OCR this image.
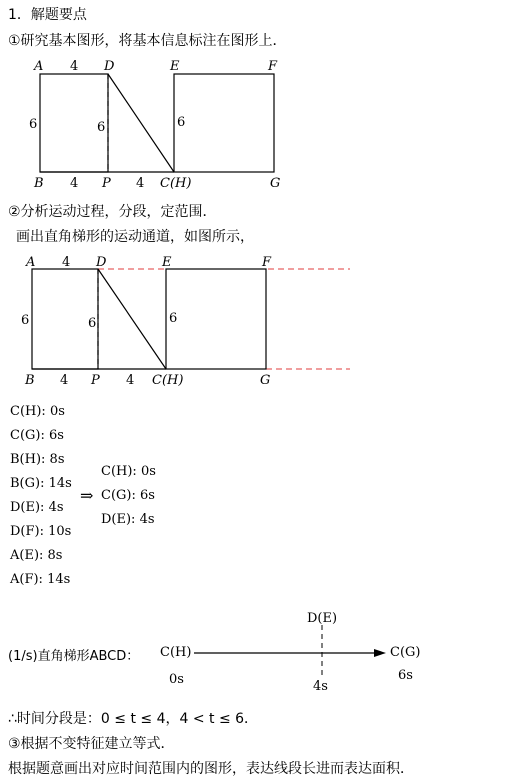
1．解题要点
①研究基本图形，将基本信息标注在图形上．
A 4 D	E	F
6	6	6
B 4 P 4 C(H)	G
②分析运动过程，分段，定范围．
画出直角梯形的运动通道，如图所示，
A 4 D	E	F
6	6	6
B 4 P 4 C(H)	G
C(H): 0s
C(G): 6s
B(H): 8s
B(G): 14s
D(E): 4s
D(F): 10s
A(E): 8s
A(F): 14s
⇒
C(H): 0s
C(G): 6s
D(E): 4s
(1/s)直角梯形ABCD： C(H)
D(E)
C(G)
0s	4s
6s
∴时间分段是：0 ≤ t ≤ 4，4 < t ≤ 6．
③根据不变特征建立等式．
根据题意画出对应时间范围内的图形，表达线段长进而表达面积．
